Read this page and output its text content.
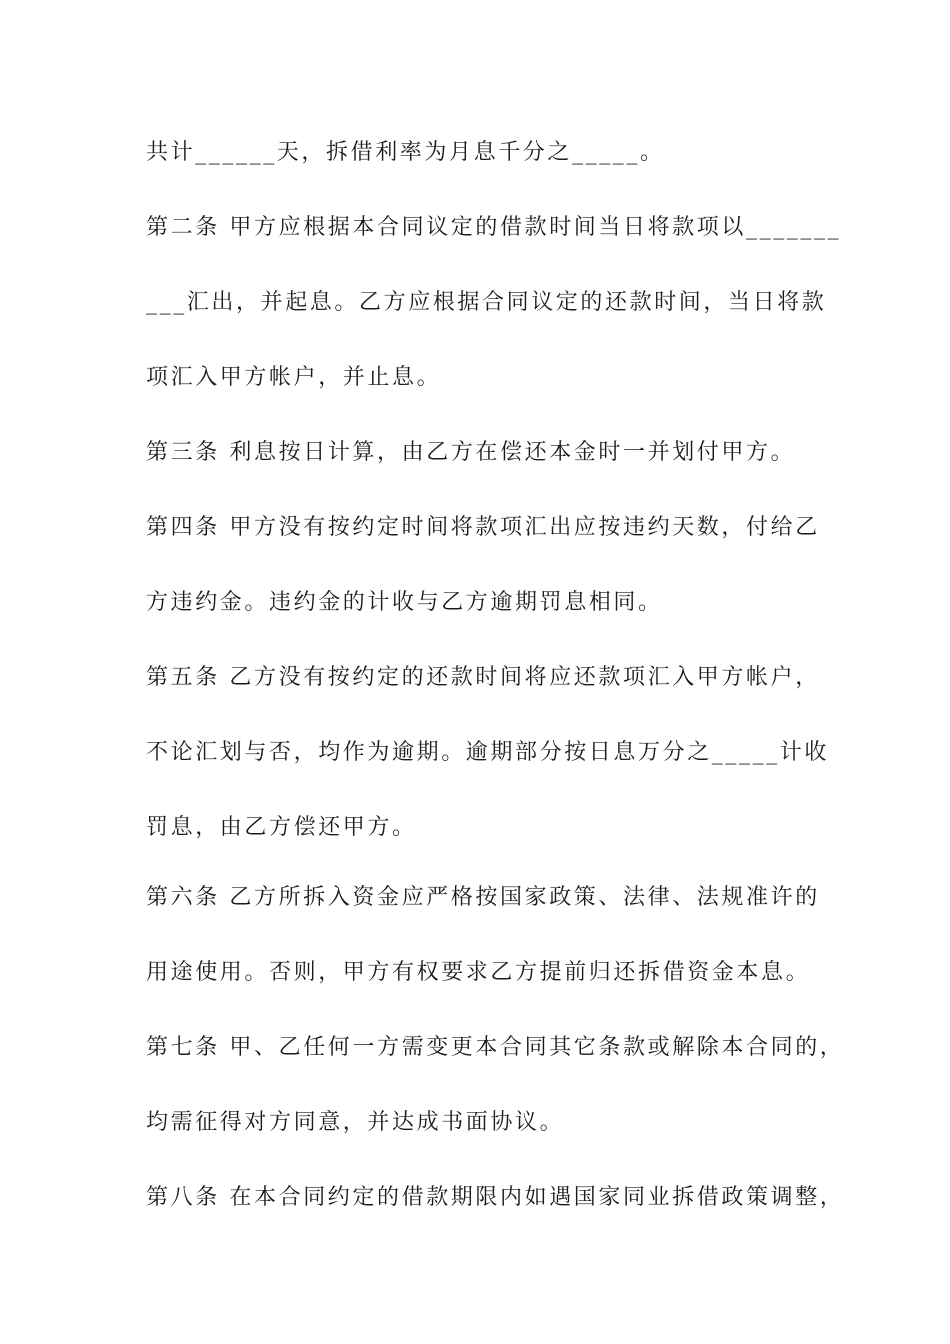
共计______天，拆借利率为月息千分之_____。
第二条 甲方应根据本合同议定的借款时间当日将款项以_______
___汇出，并起息。乙方应根据合同议定的还款时间，当日将款
项汇入甲方帐户，并止息。
第三条 利息按日计算，由乙方在偿还本金时一并划付甲方。
第四条 甲方没有按约定时间将款项汇出应按违约天数，付给乙
方违约金。违约金的计收与乙方逾期罚息相同。
第五条 乙方没有按约定的还款时间将应还款项汇入甲方帐户，
不论汇划与否，均作为逾期。逾期部分按日息万分之_____计收
罚息，由乙方偿还甲方。
第六条 乙方所拆入资金应严格按国家政策、法律、法规准许的
用途使用。否则，甲方有权要求乙方提前归还拆借资金本息。
第七条 甲、乙任何一方需变更本合同其它条款或解除本合同的，
均需征得对方同意，并达成书面协议。
第八条 在本合同约定的借款期限内如遇国家同业拆借政策调整，
